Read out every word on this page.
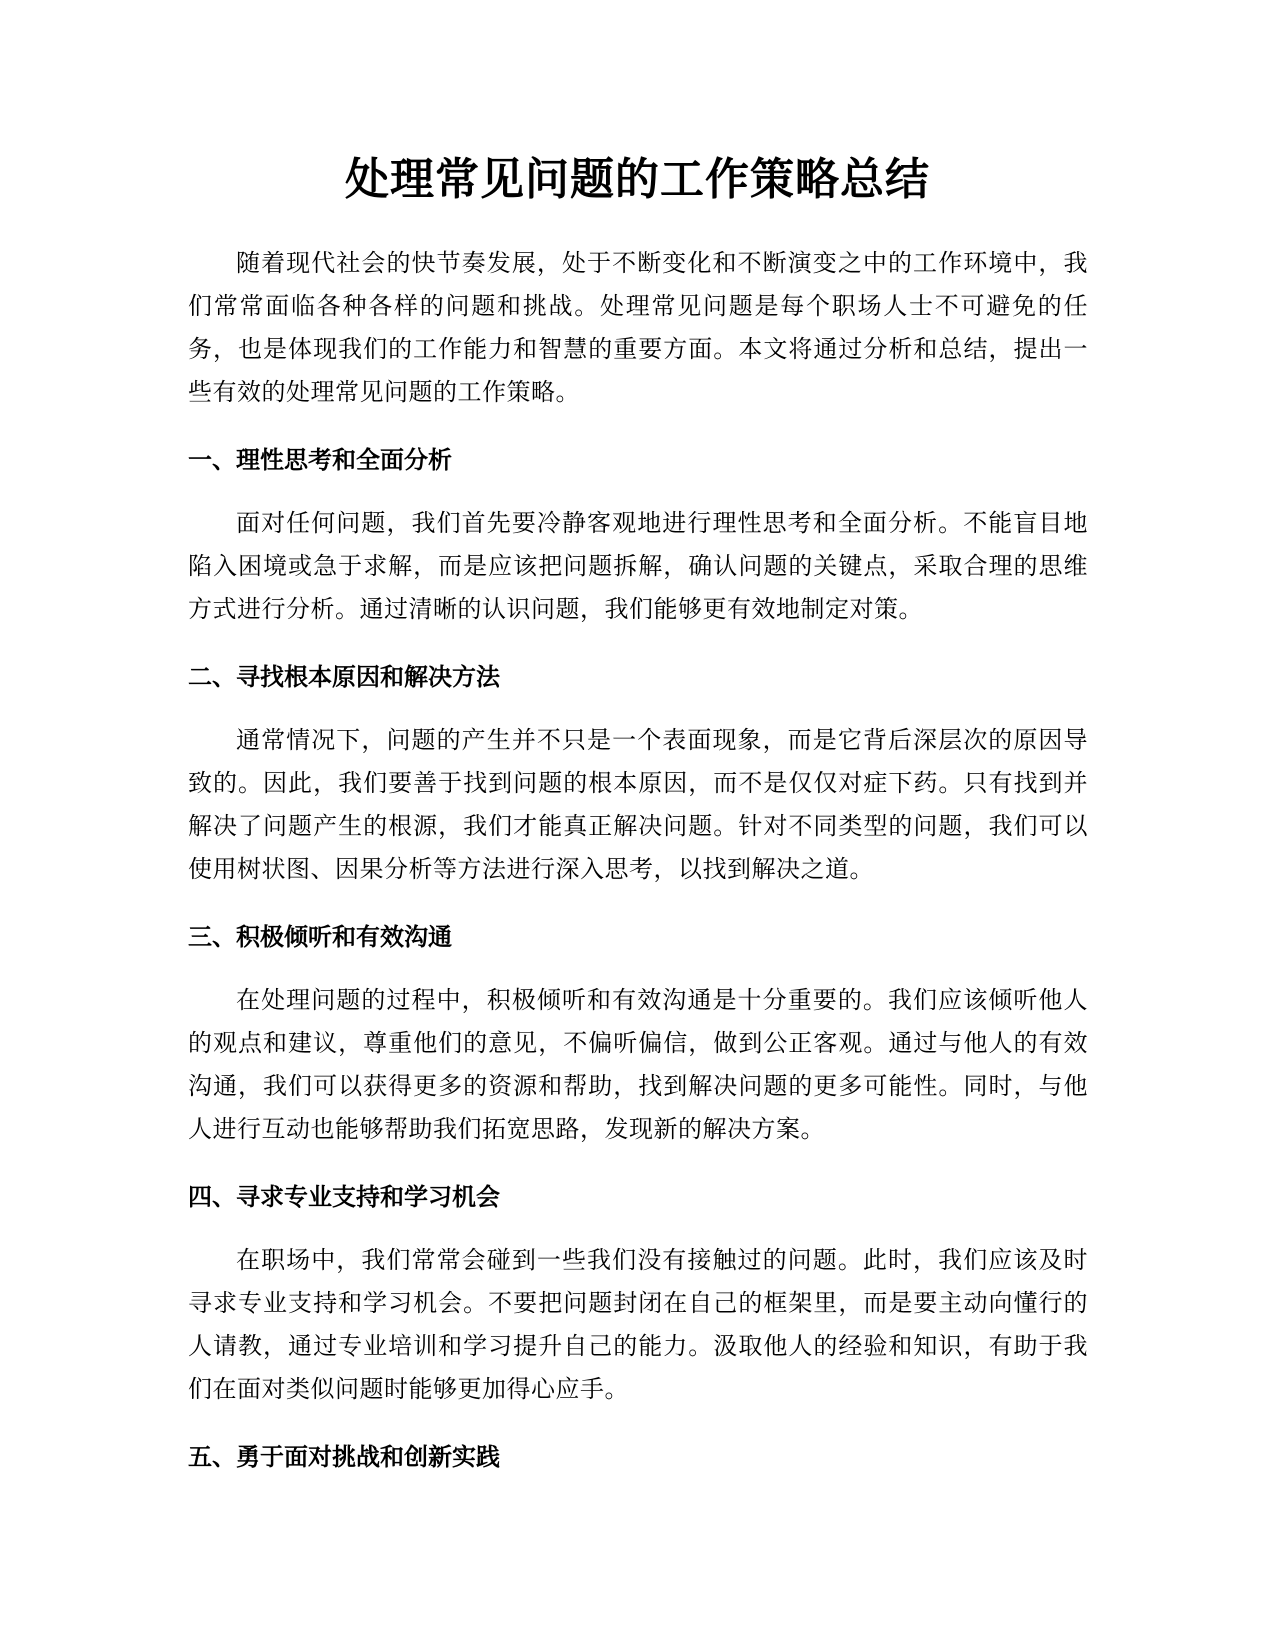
处理常见问题的工作策略总结

随着现代社会的快节奏发展，处于不断变化和不断演变之中的工作环境中，我们常常面临各种各样的问题和挑战。处理常见问题是每个职场人士不可避免的任务，也是体现我们的工作能力和智慧的重要方面。本文将通过分析和总结，提出一些有效的处理常见问题的工作策略。

一、理性思考和全面分析

面对任何问题，我们首先要冷静客观地进行理性思考和全面分析。不能盲目地陷入困境或急于求解，而是应该把问题拆解，确认问题的关键点，采取合理的思维方式进行分析。通过清晰的认识问题，我们能够更有效地制定对策。

二、寻找根本原因和解决方法

通常情况下，问题的产生并不只是一个表面现象，而是它背后深层次的原因导致的。因此，我们要善于找到问题的根本原因，而不是仅仅对症下药。只有找到并解决了问题产生的根源，我们才能真正解决问题。针对不同类型的问题，我们可以使用树状图、因果分析等方法进行深入思考，以找到解决之道。

三、积极倾听和有效沟通

在处理问题的过程中，积极倾听和有效沟通是十分重要的。我们应该倾听他人的观点和建议，尊重他们的意见，不偏听偏信，做到公正客观。通过与他人的有效沟通，我们可以获得更多的资源和帮助，找到解决问题的更多可能性。同时，与他人进行互动也能够帮助我们拓宽思路，发现新的解决方案。

四、寻求专业支持和学习机会

在职场中，我们常常会碰到一些我们没有接触过的问题。此时，我们应该及时寻求专业支持和学习机会。不要把问题封闭在自己的框架里，而是要主动向懂行的人请教，通过专业培训和学习提升自己的能力。汲取他人的经验和知识，有助于我们在面对类似问题时能够更加得心应手。

五、勇于面对挑战和创新实践
